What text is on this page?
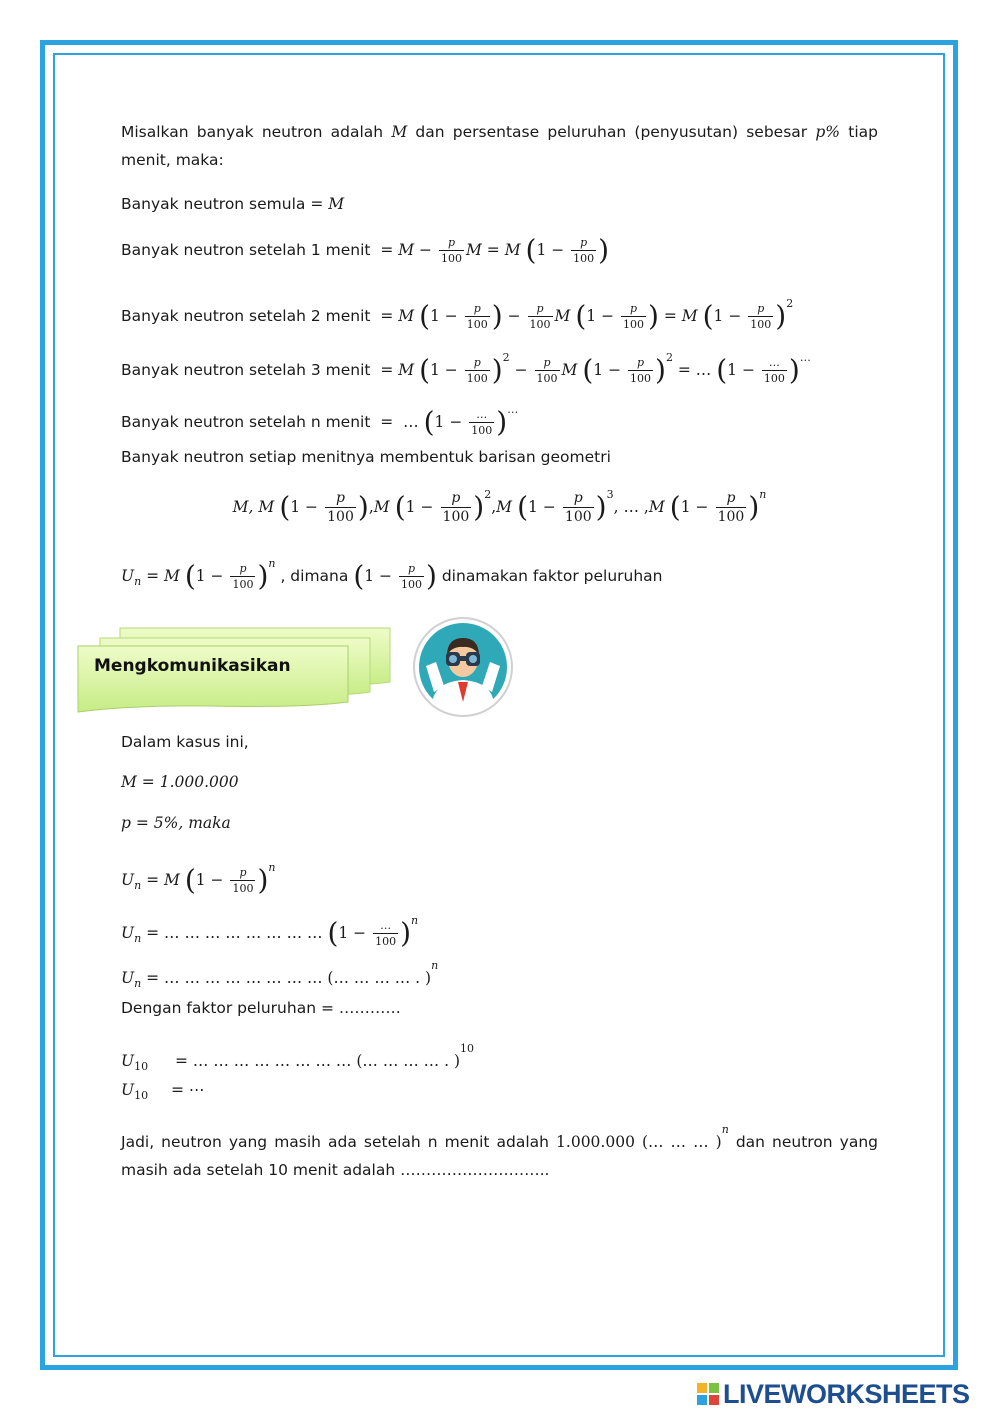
Misalkan banyak neutron adalah M dan persentase peluruhan (penyusutan) sebesar p% tiap menit, maka:
Banyak neutron semula = M
Banyak neutron setelah 1 menit  = $M - \frac{p}{100}$ M = M ($1 - \frac{p}{100}$ )
Banyak neutron setelah 2 menit  = M ($1 - \frac{p}{100}$ ) − $\frac{p}{100}$ M ($1 - \frac{p}{100}$ ) = M $(1 - \frac{p}{100} )^2$
Banyak neutron setelah 3 menit  = M $(1 - \frac{p}{100} )^2 - \frac{p}{100}$ M $(1 - \frac{p}{100} )^2$ = … $(1 - \frac{\dots}{100} )^\dots$
Banyak neutron setelah n menit  =  … $(1 - \frac{\dots}{100} )^\dots$
Banyak neutron setiap menitnya membentuk barisan geometri
M, M $(1 - \frac{p}{100} ),M$ $(1 - \frac{p}{100} )^2,M$ $(1 - \frac{p}{100} )^3$, … ,M $(1 - \frac{p}{100} )^n$
$U_n = M$ $(1 - \frac{p}{100} )^n$ , dimana ($1 - \frac{p}{100}$ ) dinamakan faktor peluruhan
Mengkomunikasikan
Dalam kasus ini,
M = 1.000.000
p = 5%, maka
$U_n = M$ $(1 - \frac{p}{100} )^n$
$U_n$ = … … … … … … … … $(1 - \frac{\dots}{100} )^n$
$U_n$ = … … … … … … … … (… … … … . )$^n$
Dengan faktor peluruhan = …………
$U_{10}$ = … … … … … … … … (… … … … . )$^{10}$
$U_{10}$ = ⋯
Jadi, neutron yang masih ada setelah n menit adalah 1.000.000 (… … … )$^n$ dan neutron yang masih ada setelah 10 menit adalah ………………………..
LIVEWORKSHEETS
